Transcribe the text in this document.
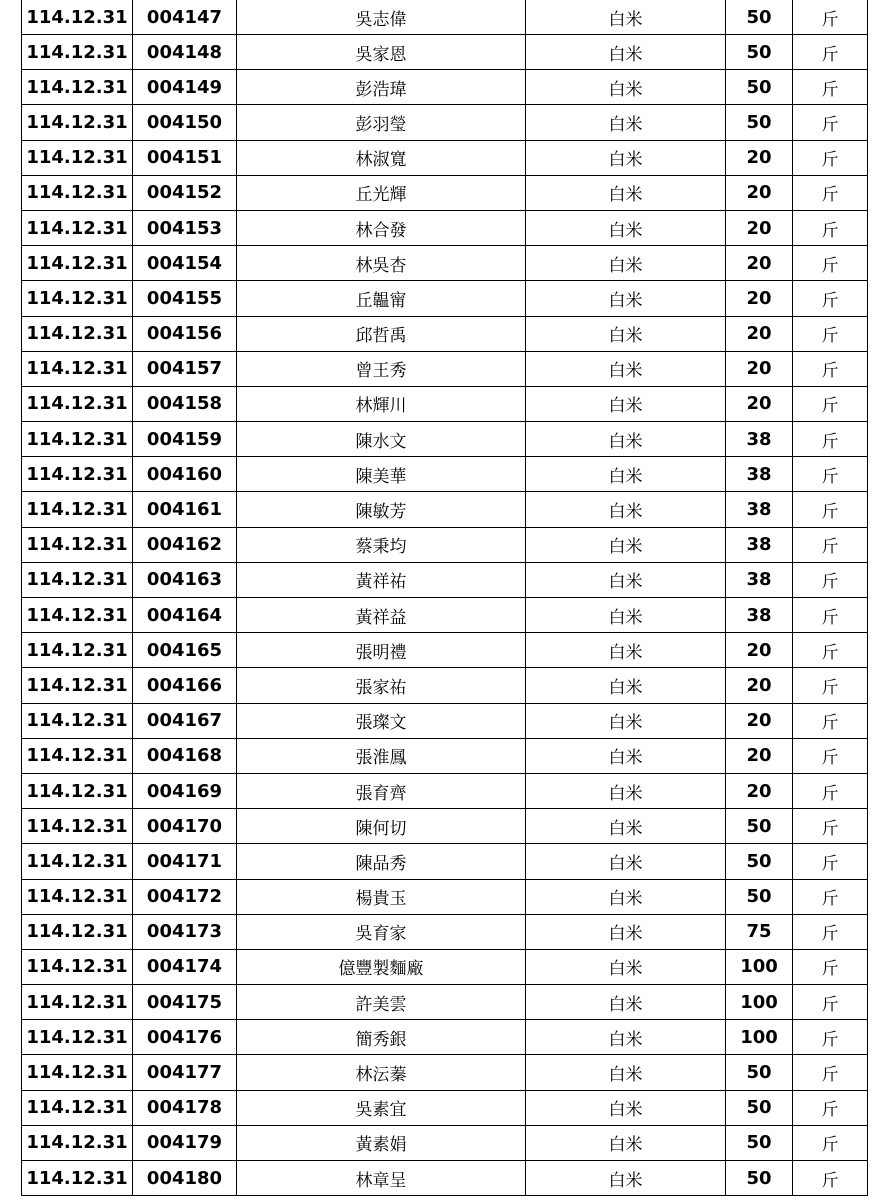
114.12.31	004147	吳志偉	白米	50	斤
114.12.31	004148	吳家恩	白米	50	斤
114.12.31	004149	彭浩瑋	白米	50	斤
114.12.31	004150	彭羽瑩	白米	50	斤
114.12.31	004151	林淑寬	白米	20	斤
114.12.31	004152	丘光輝	白米	20	斤
114.12.31	004153	林合發	白米	20	斤
114.12.31	004154	林吳杏	白米	20	斤
114.12.31	004155	丘韞甯	白米	20	斤
114.12.31	004156	邱哲禹	白米	20	斤
114.12.31	004157	曾王秀	白米	20	斤
114.12.31	004158	林輝川	白米	20	斤
114.12.31	004159	陳水文	白米	38	斤
114.12.31	004160	陳美華	白米	38	斤
114.12.31	004161	陳敏芳	白米	38	斤
114.12.31	004162	蔡秉均	白米	38	斤
114.12.31	004163	黃祥祐	白米	38	斤
114.12.31	004164	黃祥益	白米	38	斤
114.12.31	004165	張明禮	白米	20	斤
114.12.31	004166	張家祐	白米	20	斤
114.12.31	004167	張璨文	白米	20	斤
114.12.31	004168	張淮鳳	白米	20	斤
114.12.31	004169	張育齊	白米	20	斤
114.12.31	004170	陳何切	白米	50	斤
114.12.31	004171	陳品秀	白米	50	斤
114.12.31	004172	楊貴玉	白米	50	斤
114.12.31	004173	吳育家	白米	75	斤
114.12.31	004174	億豐製麵廠	白米	100	斤
114.12.31	004175	許美雲	白米	100	斤
114.12.31	004176	簡秀銀	白米	100	斤
114.12.31	004177	林沄蓁	白米	50	斤
114.12.31	004178	吳素宜	白米	50	斤
114.12.31	004179	黃素娟	白米	50	斤
114.12.31	004180	林章呈	白米	50	斤
